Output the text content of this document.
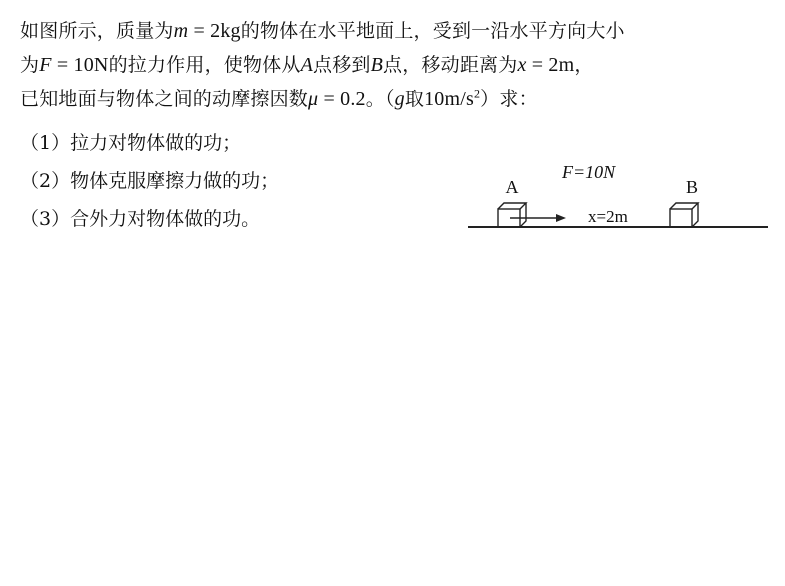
如图所示，质量为m = 2kg的物体在水平地面上，受到一沿水平方向大小
为F = 10N的拉力作用，使物体从A点移到B点，移动距离为x = 2m，
已知地面与物体之间的动摩擦因数μ = 0.2。（g取$10m/s^2$）求：
（1）拉力对物体做的功；
（2）物体克服摩擦力做的功；
（3）合外力对物体做的功。
A	B
F=10N
x=2m
